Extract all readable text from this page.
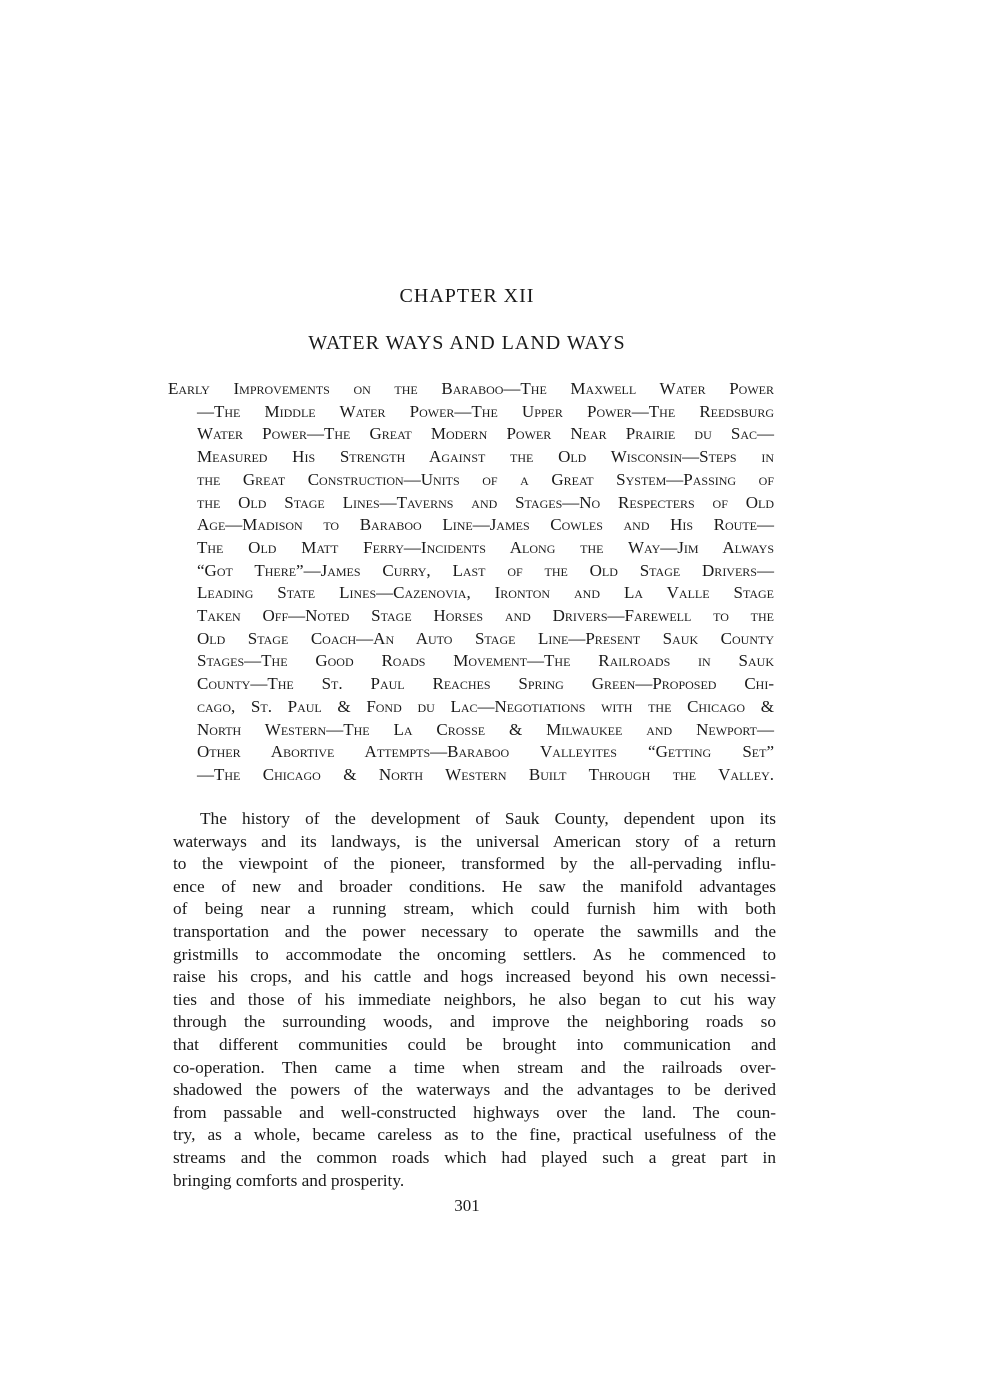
CHAPTER XII
WATER WAYS AND LAND WAYS
Early Improvements on the Baraboo—The Maxwell Water Power
—The Middle Water Power—The Upper Power—The Reedsburg
Water Power—The Great Modern Power Near Prairie du Sac—
Measured His Strength Against the Old Wisconsin—Steps in
the Great Construction—Units of a Great System—Passing of
the Old Stage Lines—Taverns and Stages—No Respecters of Old
Age—Madison to Baraboo Line—James Cowles and His Route—
The Old Matt Ferry—Incidents Along the Way—Jim Always
“Got There”—James Curry, Last of the Old Stage Drivers—
Leading State Lines—Cazenovia, Ironton and La Valle Stage
Taken Off—Noted Stage Horses and Drivers—Farewell to the
Old Stage Coach—An Auto Stage Line—Present Sauk County
Stages—The Good Roads Movement—The Railroads in Sauk
County—The St. Paul Reaches Spring Green—Proposed Chi-
cago, St. Paul & Fond du Lac—Negotiations with the Chicago &
North Western—The La Crosse & Milwaukee and Newport—
Other Abortive Attempts—Baraboo Valleyites “Getting Set”
—The Chicago & North Western Built Through the Valley.
The history of the development of Sauk County, dependent upon its
waterways and its landways, is the universal American story of a return
to the viewpoint of the pioneer, transformed by the all-pervading influ-
ence of new and broader conditions. He saw the manifold advantages
of being near a running stream, which could furnish him with both
transportation and the power necessary to operate the sawmills and the
gristmills to accommodate the oncoming settlers. As he commenced to
raise his crops, and his cattle and hogs increased beyond his own necessi-
ties and those of his immediate neighbors, he also began to cut his way
through the surrounding woods, and improve the neighboring roads so
that different communities could be brought into communication and
co-operation. Then came a time when stream and the railroads over-
shadowed the powers of the waterways and the advantages to be derived
from passable and well-constructed highways over the land. The coun-
try, as a whole, became careless as to the fine, practical usefulness of the
streams and the common roads which had played such a great part in
bringing comforts and prosperity.
301
